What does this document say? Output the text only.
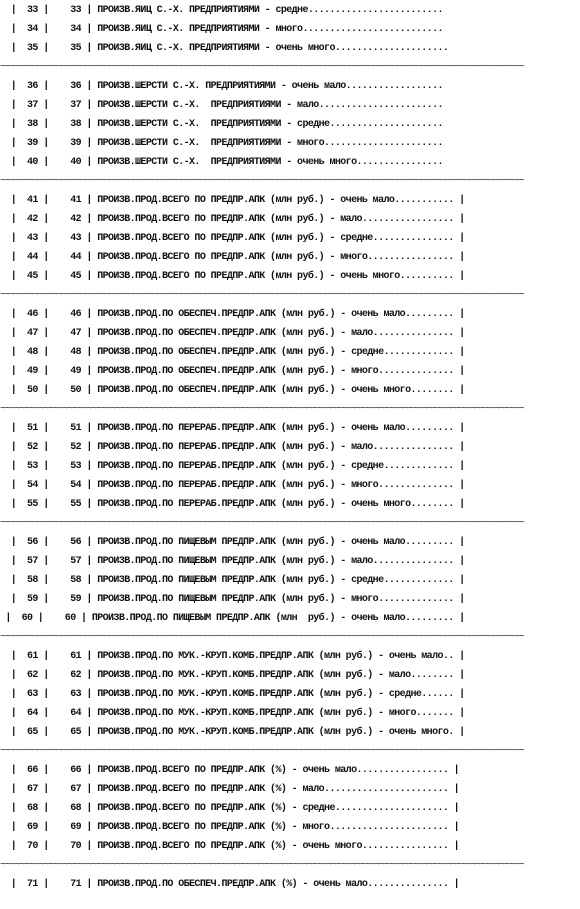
|  33 |    33 | ПРОИЗВ.ЯИЦ С.-Х. ПРЕДПРИЯТИЯМИ - средне.........................
|  34 |    34 | ПРОИЗВ.ЯИЦ С.-Х. ПРЕДПРИЯТИЯМИ - много..........................
|  35 |    35 | ПРОИЗВ.ЯИЦ С.-Х. ПРЕДПРИЯТИЯМИ - очень много.....................
~~~~~~~~~~~~~~~~~~~~~~~~~~~~~~~~~~~~~~~~~~~~~~~~~~~~~~~~~~~~~~~~~~~~~~~~~~~~~~~~~~~~~~~~~~~~~~~~~~~~~~~~~~~~~
|  36 |    36 | ПРОИЗВ.ШЕРСТИ С.-Х. ПРЕДПРИЯТИЯМИ - очень мало..................
|  37 |    37 | ПРОИЗВ.ШЕРСТИ С.-Х.  ПРЕДПРИЯТИЯМИ - мало.......................
|  38 |    38 | ПРОИЗВ.ШЕРСТИ С.-Х.  ПРЕДПРИЯТИЯМИ - средне.....................
|  39 |    39 | ПРОИЗВ.ШЕРСТИ С.-Х.  ПРЕДПРИЯТИЯМИ - много......................
|  40 |    40 | ПРОИЗВ.ШЕРСТИ С.-Х.  ПРЕДПРИЯТИЯМИ - очень много................
~~~~~~~~~~~~~~~~~~~~~~~~~~~~~~~~~~~~~~~~~~~~~~~~~~~~~~~~~~~~~~~~~~~~~~~~~~~~~~~~~~~~~~~~~~~~~~~~~~~~~~~~~~~~~
|  41 |    41 | ПРОИЗВ.ПРОД.ВСЕГО ПО ПРЕДПР.АПК (млн руб.) - очень мало........... |
|  42 |    42 | ПРОИЗВ.ПРОД.ВСЕГО ПО ПРЕДПР.АПК (млн руб.) - мало................. |
|  43 |    43 | ПРОИЗВ.ПРОД.ВСЕГО ПО ПРЕДПР.АПК (млн руб.) - средне............... |
|  44 |    44 | ПРОИЗВ.ПРОД.ВСЕГО ПО ПРЕДПР.АПК (млн руб.) - много................ |
|  45 |    45 | ПРОИЗВ.ПРОД.ВСЕГО ПО ПРЕДПР.АПК (млн руб.) - очень много.......... |
~~~~~~~~~~~~~~~~~~~~~~~~~~~~~~~~~~~~~~~~~~~~~~~~~~~~~~~~~~~~~~~~~~~~~~~~~~~~~~~~~~~~~~~~~~~~~~~~~~~~~~~~~~~~~
|  46 |    46 | ПРОИЗВ.ПРОД.ПО ОБЕСПЕЧ.ПРЕДПР.АПК (млн руб.) - очень мало......... |
|  47 |    47 | ПРОИЗВ.ПРОД.ПО ОБЕСПЕЧ.ПРЕДПР.АПК (млн руб.) - мало............... |
|  48 |    48 | ПРОИЗВ.ПРОД.ПО ОБЕСПЕЧ.ПРЕДПР.АПК (млн руб.) - средне............. |
|  49 |    49 | ПРОИЗВ.ПРОД.ПО ОБЕСПЕЧ.ПРЕДПР.АПК (млн руб.) - много.............. |
|  50 |    50 | ПРОИЗВ.ПРОД.ПО ОБЕСПЕЧ.ПРЕДПР.АПК (млн руб.) - очень много........ |
~~~~~~~~~~~~~~~~~~~~~~~~~~~~~~~~~~~~~~~~~~~~~~~~~~~~~~~~~~~~~~~~~~~~~~~~~~~~~~~~~~~~~~~~~~~~~~~~~~~~~~~~~~~~~
|  51 |    51 | ПРОИЗВ.ПРОД.ПО ПЕРЕРАБ.ПРЕДПР.АПК (млн руб.) - очень мало......... |
|  52 |    52 | ПРОИЗВ.ПРОД.ПО ПЕРЕРАБ.ПРЕДПР.АПК (млн руб.) - мало............... |
|  53 |    53 | ПРОИЗВ.ПРОД.ПО ПЕРЕРАБ.ПРЕДПР.АПК (млн руб.) - средне............. |
|  54 |    54 | ПРОИЗВ.ПРОД.ПО ПЕРЕРАБ.ПРЕДПР.АПК (млн руб.) - много.............. |
|  55 |    55 | ПРОИЗВ.ПРОД.ПО ПЕРЕРАБ.ПРЕДПР.АПК (млн руб.) - очень много........ |
~~~~~~~~~~~~~~~~~~~~~~~~~~~~~~~~~~~~~~~~~~~~~~~~~~~~~~~~~~~~~~~~~~~~~~~~~~~~~~~~~~~~~~~~~~~~~~~~~~~~~~~~~~~~~
|  56 |    56 | ПРОИЗВ.ПРОД.ПО ПИЩЕВЫМ ПРЕДПР.АПК (млн руб.) - очень мало......... |
|  57 |    57 | ПРОИЗВ.ПРОД.ПО ПИЩЕВЫМ ПРЕДПР.АПК (млн руб.) - мало............... |
|  58 |    58 | ПРОИЗВ.ПРОД.ПО ПИЩЕВЫМ ПРЕДПР.АПК (млн руб.) - средне............. |
|  59 |    59 | ПРОИЗВ.ПРОД.ПО ПИЩЕВЫМ ПРЕДПР.АПК (млн руб.) - много.............. |
|  60 |    60 | ПРОИЗВ.ПРОД.ПО ПИЩЕВЫМ ПРЕДПР.АПК (млн  руб.) - очень мало......... |
~~~~~~~~~~~~~~~~~~~~~~~~~~~~~~~~~~~~~~~~~~~~~~~~~~~~~~~~~~~~~~~~~~~~~~~~~~~~~~~~~~~~~~~~~~~~~~~~~~~~~~~~~~~~~
|  61 |    61 | ПРОИЗВ.ПРОД.ПО МУК.-КРУП.КОМБ.ПРЕДПР.АПК (млн руб.) - очень мало.. |
|  62 |    62 | ПРОИЗВ.ПРОД.ПО МУК.-КРУП.КОМБ.ПРЕДПР.АПК (млн руб.) - мало........ |
|  63 |    63 | ПРОИЗВ.ПРОД.ПО МУК.-КРУП.КОМБ.ПРЕДПР.АПК (млн руб.) - средне...... |
|  64 |    64 | ПРОИЗВ.ПРОД.ПО МУК.-КРУП.КОМБ.ПРЕДПР.АПК (млн руб.) - много....... |
|  65 |    65 | ПРОИЗВ.ПРОД.ПО МУК.-КРУП.КОМБ.ПРЕДПР.АПК (млн руб.) - очень много. |
~~~~~~~~~~~~~~~~~~~~~~~~~~~~~~~~~~~~~~~~~~~~~~~~~~~~~~~~~~~~~~~~~~~~~~~~~~~~~~~~~~~~~~~~~~~~~~~~~~~~~~~~~~~~~
|  66 |    66 | ПРОИЗВ.ПРОД.ВСЕГО ПО ПРЕДПР.АПК (%) - очень мало................. |
|  67 |    67 | ПРОИЗВ.ПРОД.ВСЕГО ПО ПРЕДПР.АПК (%) - мало....................... |
|  68 |    68 | ПРОИЗВ.ПРОД.ВСЕГО ПО ПРЕДПР.АПК (%) - средне..................... |
|  69 |    69 | ПРОИЗВ.ПРОД.ВСЕГО ПО ПРЕДПР.АПК (%) - много...................... |
|  70 |    70 | ПРОИЗВ.ПРОД.ВСЕГО ПО ПРЕДПР.АПК (%) - очень много................ |
~~~~~~~~~~~~~~~~~~~~~~~~~~~~~~~~~~~~~~~~~~~~~~~~~~~~~~~~~~~~~~~~~~~~~~~~~~~~~~~~~~~~~~~~~~~~~~~~~~~~~~~~~~~~~
|  71 |    71 | ПРОИЗВ.ПРОД.ПО ОБЕСПЕЧ.ПРЕДПР.АПК (%) - очень мало............... |
